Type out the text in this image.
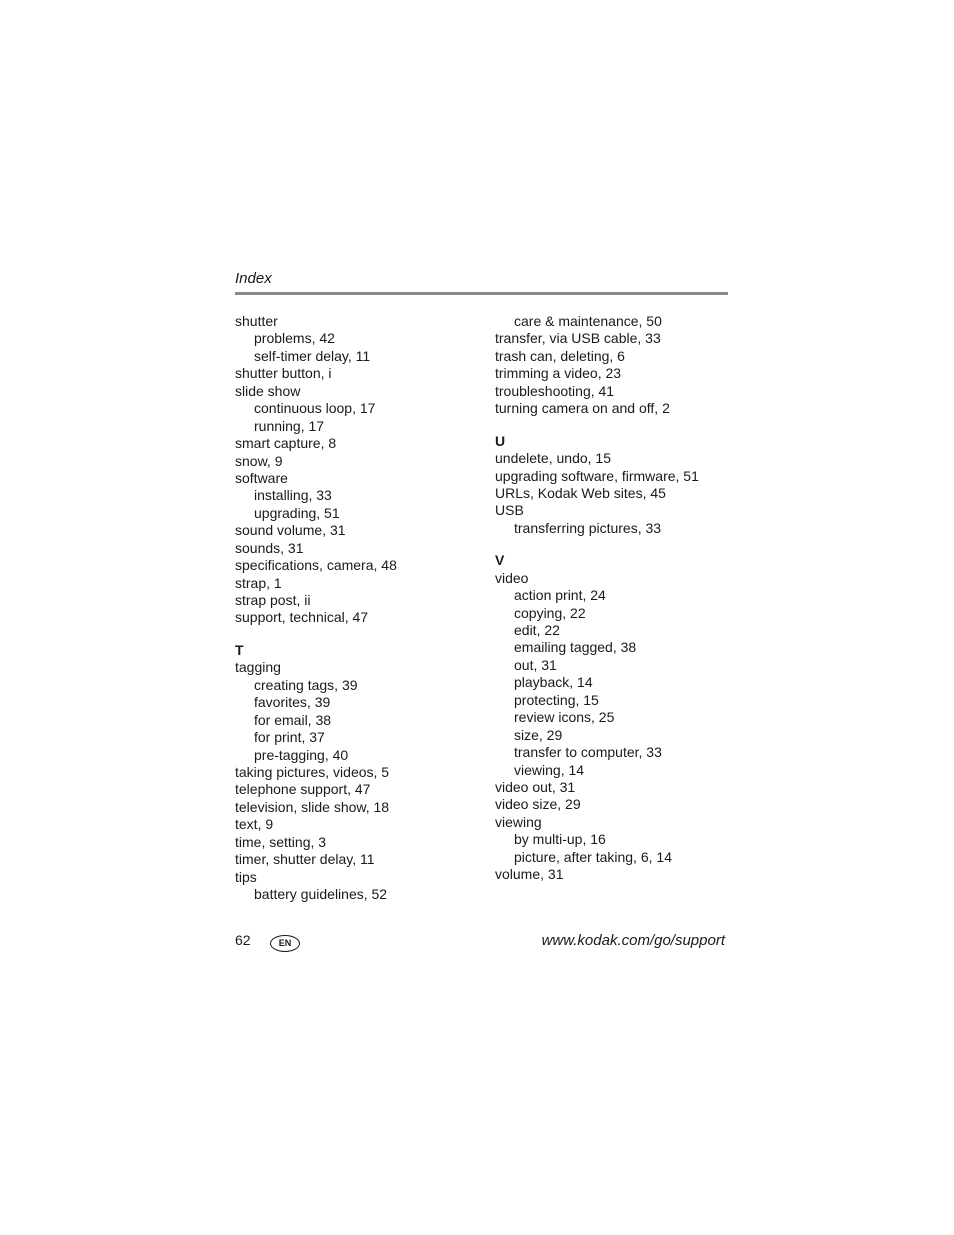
Index
shutter
problems, 42
self-timer delay, 11
shutter button, i
slide show
continuous loop, 17
running, 17
smart capture, 8
snow, 9
software
installing, 33
upgrading, 51
sound volume, 31
sounds, 31
specifications, camera, 48
strap, 1
strap post, ii
support, technical, 47
T
tagging
creating tags, 39
favorites, 39
for email, 38
for print, 37
pre-tagging, 40
taking pictures, videos, 5
telephone support, 47
television, slide show, 18
text, 9
time, setting, 3
timer, shutter delay, 11
tips
battery guidelines, 52
care & maintenance, 50
transfer, via USB cable, 33
trash can, deleting, 6
trimming a video, 23
troubleshooting, 41
turning camera on and off, 2
U
undelete, undo, 15
upgrading software, firmware, 51
URLs, Kodak Web sites, 45
USB
transferring pictures, 33
V
video
action print, 24
copying, 22
edit, 22
emailing tagged, 38
out, 31
playback, 14
protecting, 15
review icons, 25
size, 29
transfer to computer, 33
viewing, 14
video out, 31
video size, 29
viewing
by multi-up, 16
picture, after taking, 6, 14
volume, 31
62	EN	www.kodak.com/go/support
